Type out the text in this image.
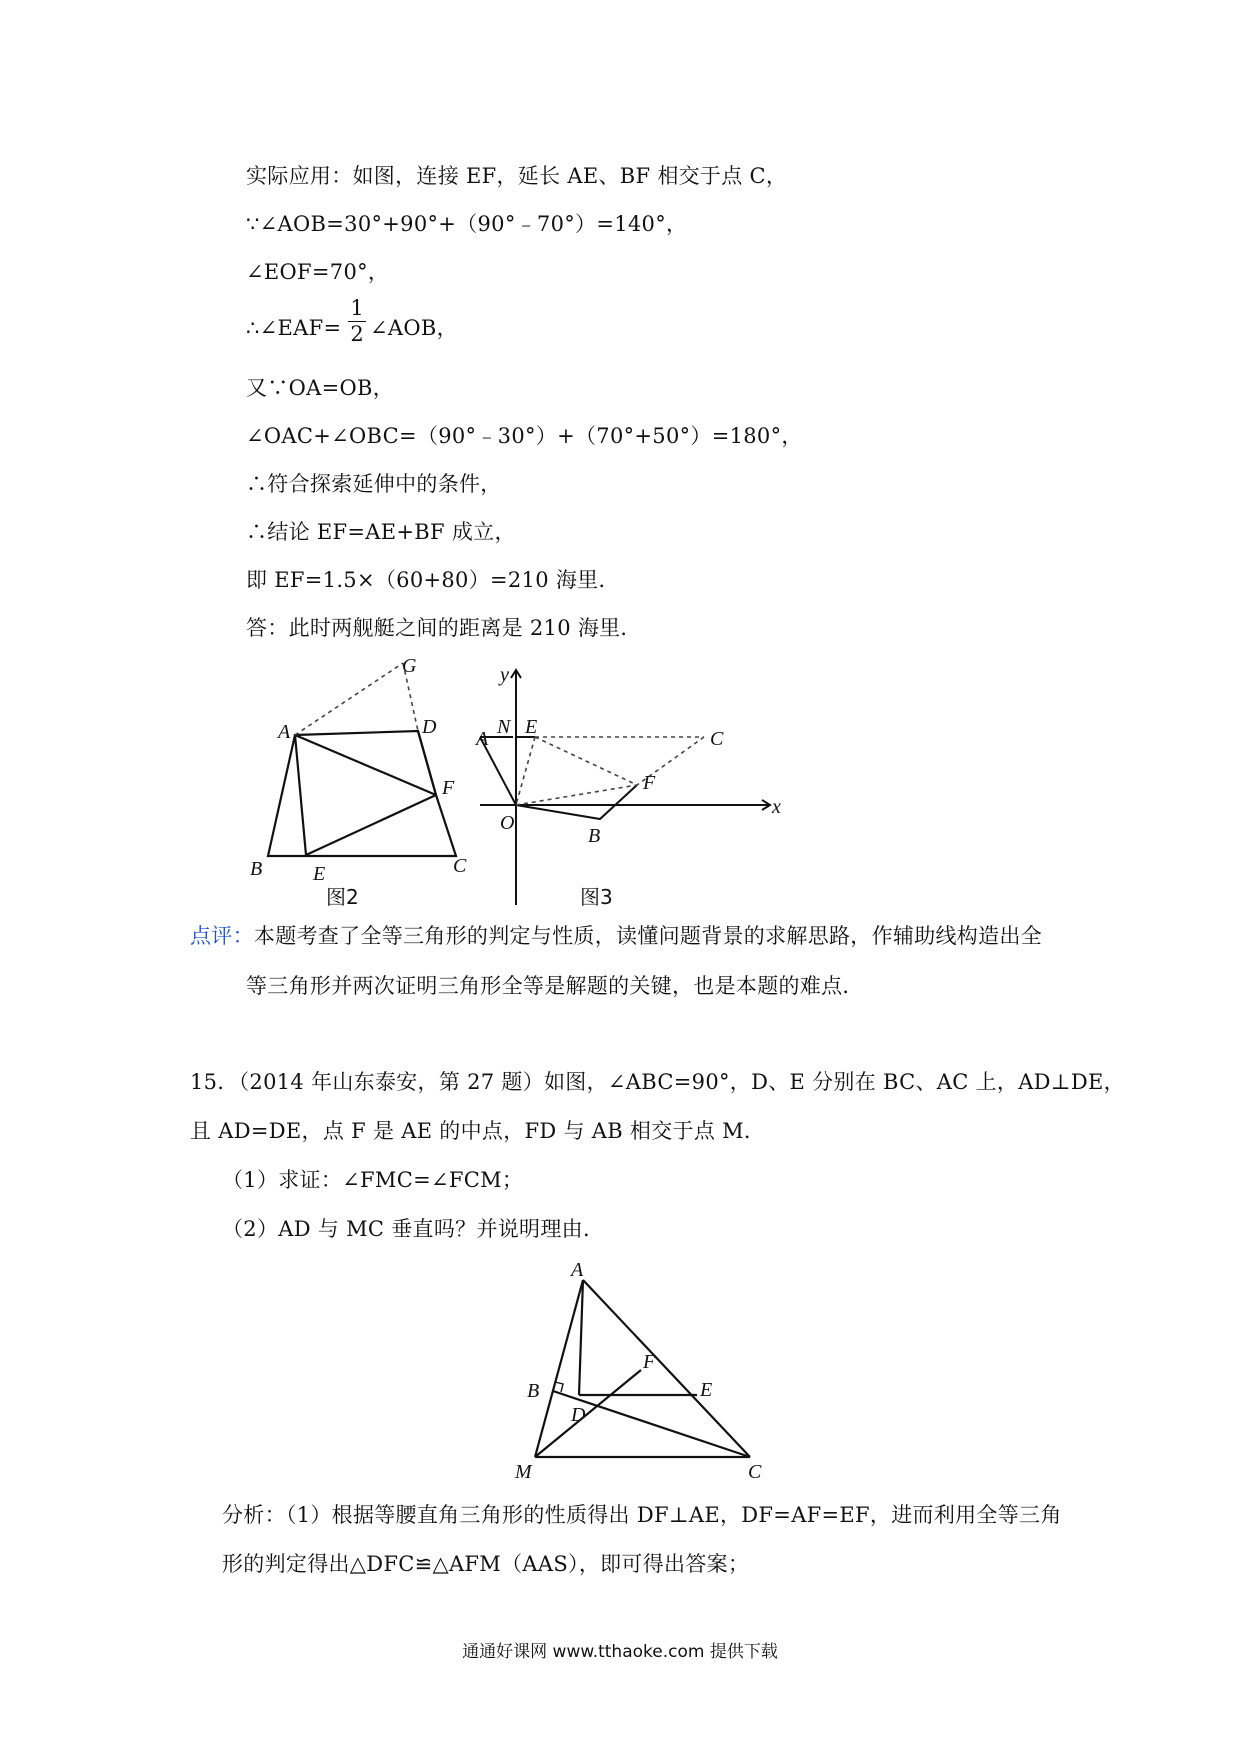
实际应用：如图，连接 EF，延长 AE、BF 相交于点 C，
∵∠AOB=30°+90°+（90°﹣70°）=140°，
∠EOF=70°，
∴∠EAF=
1
2 ∠AOB，
又∵OA=OB，
∠OAC+∠OBC=（90°﹣30°）+（70°+50°）=180°，
∴符合探索延伸中的条件，
∴结论 EF=AE+BF 成立，
即 EF=1.5×（60+80）=210 海里．
答：此时两舰艇之间的距离是 210 海里．
G
A	D
F
B	E	C
图2
y
x
N E
A	C
F
O
B
图3
点评：本题考查了全等三角形的判定与性质，读懂问题背景的求解思路，作辅助线构造出全
等三角形并两次证明三角形全等是解题的关键，也是本题的难点．
15．（2014 年山东泰安，第 27 题）如图，∠ABC=90°，D、E 分别在 BC、AC 上，AD⊥DE，
且 AD=DE，点 F 是 AE 的中点，FD 与 AB 相交于点 M．
（1）求证：∠FMC=∠FCM；
（2）AD 与 MC 垂直吗？并说明理由．
A
F
B	E
D
M	C
分析：（1）根据等腰直角三角形的性质得出 DF⊥AE，DF=AF=EF，进而利用全等三角
形的判定得出△DFC≌△AFM（AAS），即可得出答案；
通通好课网 www.tthaoke.com 提供下载
